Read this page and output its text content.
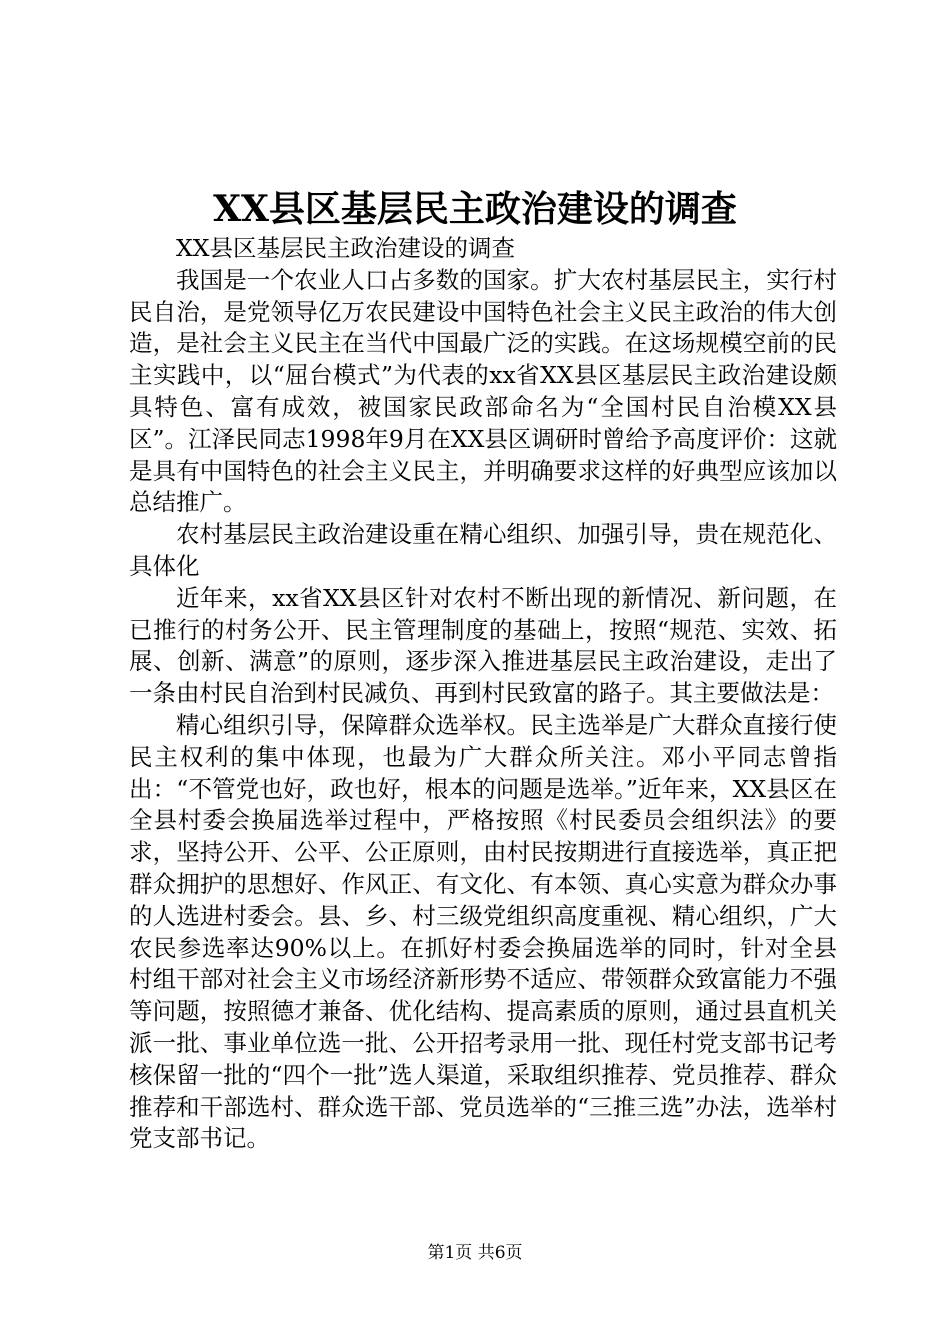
XX县区基层民主政治建设的调查

XX县区基层民主政治建设的调查

我国是一个农业人口占多数的国家。扩大农村基层民主，实行村民自治，是党领导亿万农民建设中国特色社会主义民主政治的伟大创造，是社会主义民主在当代中国最广泛的实践。在这场规模空前的民主实践中，以“屈台模式”为代表的xx省XX县区基层民主政治建设颇具特色、富有成效，被国家民政部命名为“全国村民自治模XX县区”。江泽民同志1998年9月在XX县区调研时曾给予高度评价：这就是具有中国特色的社会主义民主，并明确要求这样的好典型应该加以总结推广。

农村基层民主政治建设重在精心组织、加强引导，贵在规范化、具体化

近年来，xx省XX县区针对农村不断出现的新情况、新问题，在已推行的村务公开、民主管理制度的基础上，按照“规范、实效、拓展、创新、满意”的原则，逐步深入推进基层民主政治建设，走出了一条由村民自治到村民减负、再到村民致富的路子。其主要做法是：

精心组织引导，保障群众选举权。民主选举是广大群众直接行使民主权利的集中体现，也最为广大群众所关注。邓小平同志曾指出：“不管党也好，政也好，根本的问题是选举。”近年来，XX县区在全县村委会换届选举过程中，严格按照《村民委员会组织法》的要求，坚持公开、公平、公正原则，由村民按期进行直接选举，真正把群众拥护的思想好、作风正、有文化、有本领、真心实意为群众办事的人选进村委会。县、乡、村三级党组织高度重视、精心组织，广大农民参选率达90%以上。在抓好村委会换届选举的同时，针对全县村组干部对社会主义市场经济新形势不适应、带领群众致富能力不强等问题，按照德才兼备、优化结构、提高素质的原则，通过县直机关派一批、事业单位选一批、公开招考录用一批、现任村党支部书记考核保留一批的“四个一批”选人渠道，采取组织推荐、党员推荐、群众推荐和干部选村、群众选干部、党员选举的“三推三选”办法，选举村党支部书记。

第1页 共6页
